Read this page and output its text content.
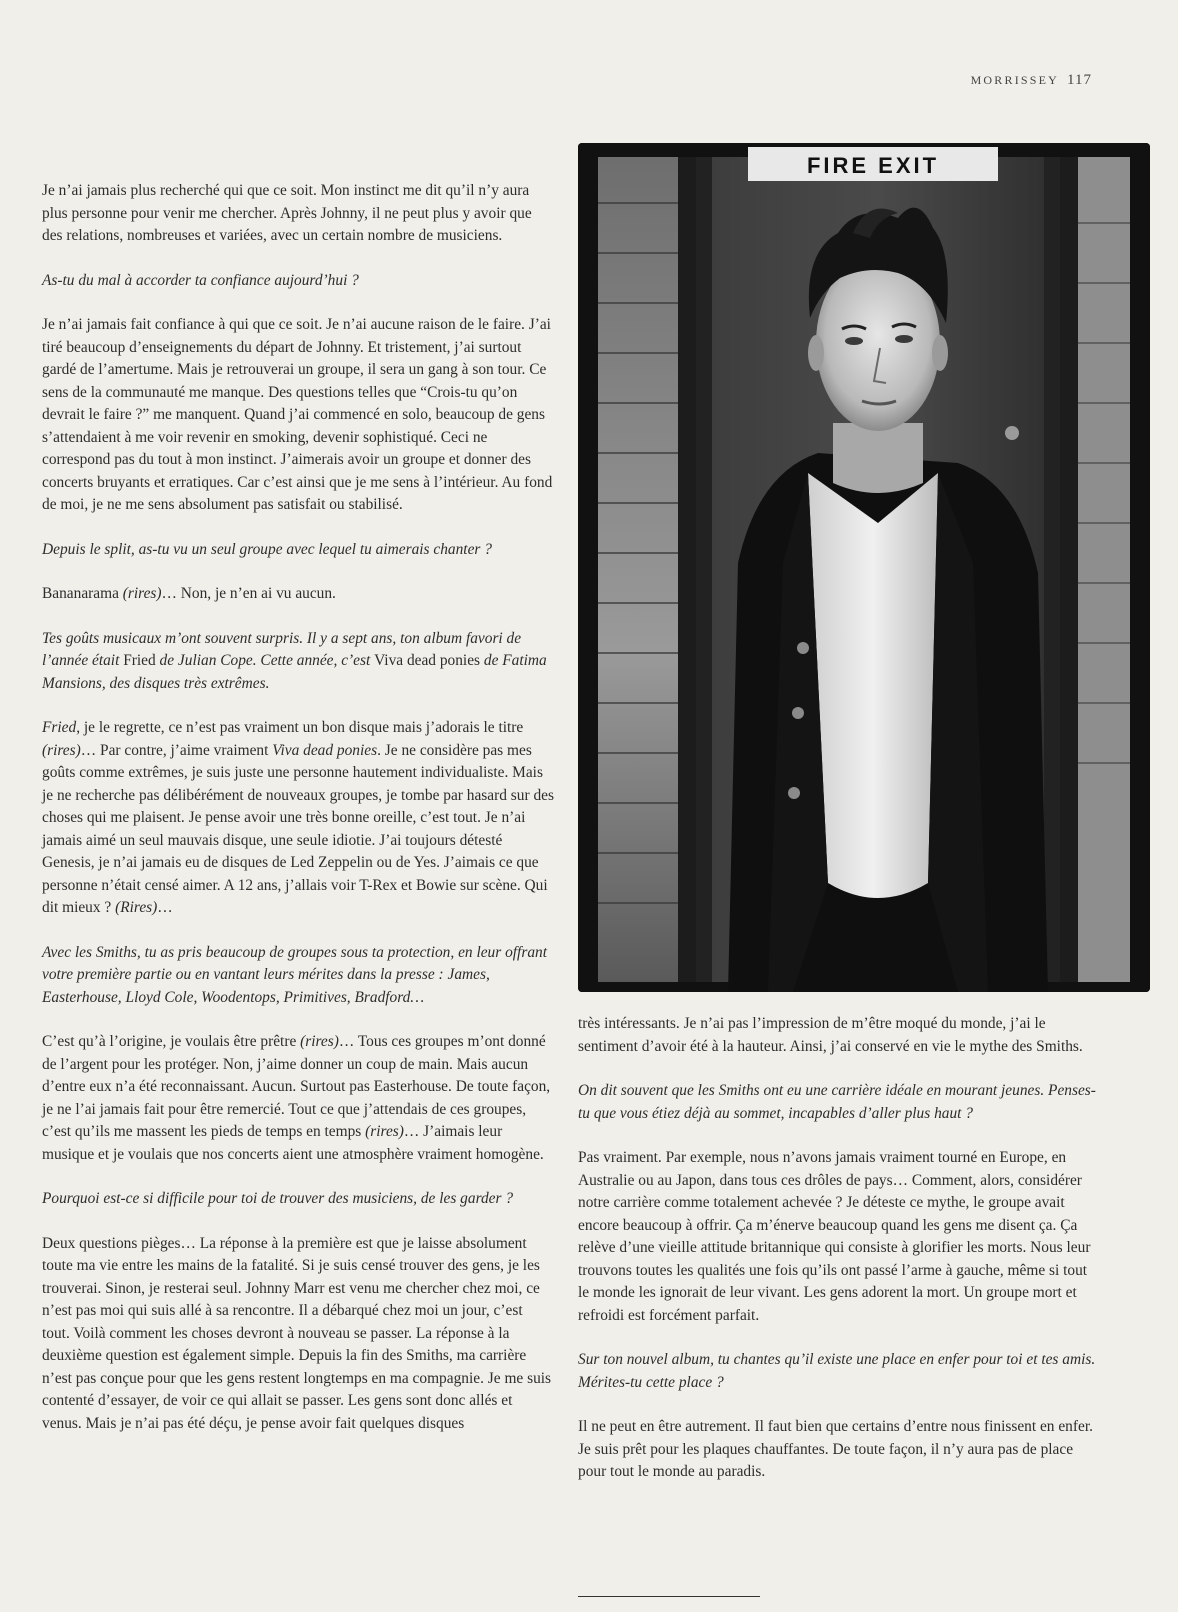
MORRISSEY 117

Je n’ai jamais plus recherché qui que ce soit. Mon instinct me dit qu’il n’y aura plus personne pour venir me chercher. Après Johnny, il ne peut plus y avoir que des relations, nombreuses et variées, avec un certain nombre de musiciens.

As-tu du mal à accorder ta confiance aujourd’hui ?

Je n’ai jamais fait confiance à qui que ce soit. Je n’ai aucune raison de le faire. J’ai tiré beaucoup d’enseignements du départ de Johnny. Et tristement, j’ai surtout gardé de l’amertume. Mais je retrouverai un groupe, il sera un gang à son tour. Ce sens de la communauté me manque. Des questions telles que “Crois-tu qu’on devrait le faire ?” me manquent. Quand j’ai commencé en solo, beaucoup de gens s’attendaient à me voir revenir en smoking, devenir sophistiqué. Ceci ne correspond pas du tout à mon instinct. J’aimerais avoir un groupe et donner des concerts bruyants et erratiques. Car c’est ainsi que je me sens à l’intérieur. Au fond de moi, je ne me sens absolument pas satisfait ou stabilisé.

Depuis le split, as-tu vu un seul groupe avec lequel tu aimerais chanter ?

Bananarama (rires)… Non, je n’en ai vu aucun.

Tes goûts musicaux m’ont souvent surpris. Il y a sept ans, ton album favori de l’année était Fried de Julian Cope. Cette année, c’est Viva dead ponies de Fatima Mansions, des disques très extrêmes.

Fried, je le regrette, ce n’est pas vraiment un bon disque mais j’adorais le titre (rires)… Par contre, j’aime vraiment Viva dead ponies. Je ne considère pas mes goûts comme extrêmes, je suis juste une personne hautement individualiste. Mais je ne recherche pas délibérément de nouveaux groupes, je tombe par hasard sur des choses qui me plaisent. Je pense avoir une très bonne oreille, c’est tout. Je n’ai jamais aimé un seul mauvais disque, une seule idiotie. J’ai toujours détesté Genesis, je n’ai jamais eu de disques de Led Zeppelin ou de Yes. J’aimais ce que personne n’était censé aimer. A 12 ans, j’allais voir T-Rex et Bowie sur scène. Qui dit mieux ? (Rires)…

Avec les Smiths, tu as pris beaucoup de groupes sous ta protection, en leur offrant votre première partie ou en vantant leurs mérites dans la presse : James, Easterhouse, Lloyd Cole, Woodentops, Primitives, Bradford…

C’est qu’à l’origine, je voulais être prêtre (rires)… Tous ces groupes m’ont donné de l’argent pour les protéger. Non, j’aime donner un coup de main. Mais aucun d’entre eux n’a été reconnaissant. Aucun. Surtout pas Easterhouse. De toute façon, je ne l’ai jamais fait pour être remercié. Tout ce que j’attendais de ces groupes, c’est qu’ils me massent les pieds de temps en temps (rires)… J’aimais leur musique et je voulais que nos concerts aient une atmosphère vraiment homogène.

Pourquoi est-ce si difficile pour toi de trouver des musiciens, de les garder ?

Deux questions pièges… La réponse à la première est que je laisse absolument toute ma vie entre les mains de la fatalité. Si je suis censé trouver des gens, je les trouverai. Sinon, je resterai seul. Johnny Marr est venu me chercher chez moi, ce n’est pas moi qui suis allé à sa rencontre. Il a débarqué chez moi un jour, c’est tout. Voilà comment les choses devront à nouveau se passer. La réponse à la deuxième question est également simple. Depuis la fin des Smiths, ma carrière n’est pas conçue pour que les gens restent longtemps en ma compagnie. Je me suis contenté d’essayer, de voir ce qui allait se passer. Les gens sont donc allés et venus. Mais je n’ai pas été déçu, je pense avoir fait quelques disques

FIRE EXIT

très intéressants. Je n’ai pas l’impression de m’être moqué du monde, j’ai le sentiment d’avoir été à la hauteur. Ainsi, j’ai conservé en vie le mythe des Smiths.

On dit souvent que les Smiths ont eu une carrière idéale en mourant jeunes. Penses-tu que vous étiez déjà au sommet, incapables d’aller plus haut ?

Pas vraiment. Par exemple, nous n’avons jamais vraiment tourné en Europe, en Australie ou au Japon, dans tous ces drôles de pays… Comment, alors, considérer notre carrière comme totalement achevée ? Je déteste ce mythe, le groupe avait encore beaucoup à offrir. Ça m’énerve beaucoup quand les gens me disent ça. Ça relève d’une vieille attitude britannique qui consiste à glorifier les morts. Nous leur trouvons toutes les qualités une fois qu’ils ont passé l’arme à gauche, même si tout le monde les ignorait de leur vivant. Les gens adorent la mort. Un groupe mort et refroidi est forcément parfait.

Sur ton nouvel album, tu chantes qu’il existe une place en enfer pour toi et tes amis. Mérites-tu cette place ?

Il ne peut en être autrement. Il faut bien que certains d’entre nous finissent en enfer. Je suis prêt pour les plaques chauffantes. De toute façon, il n’y aura pas de place pour tout le monde au paradis.
